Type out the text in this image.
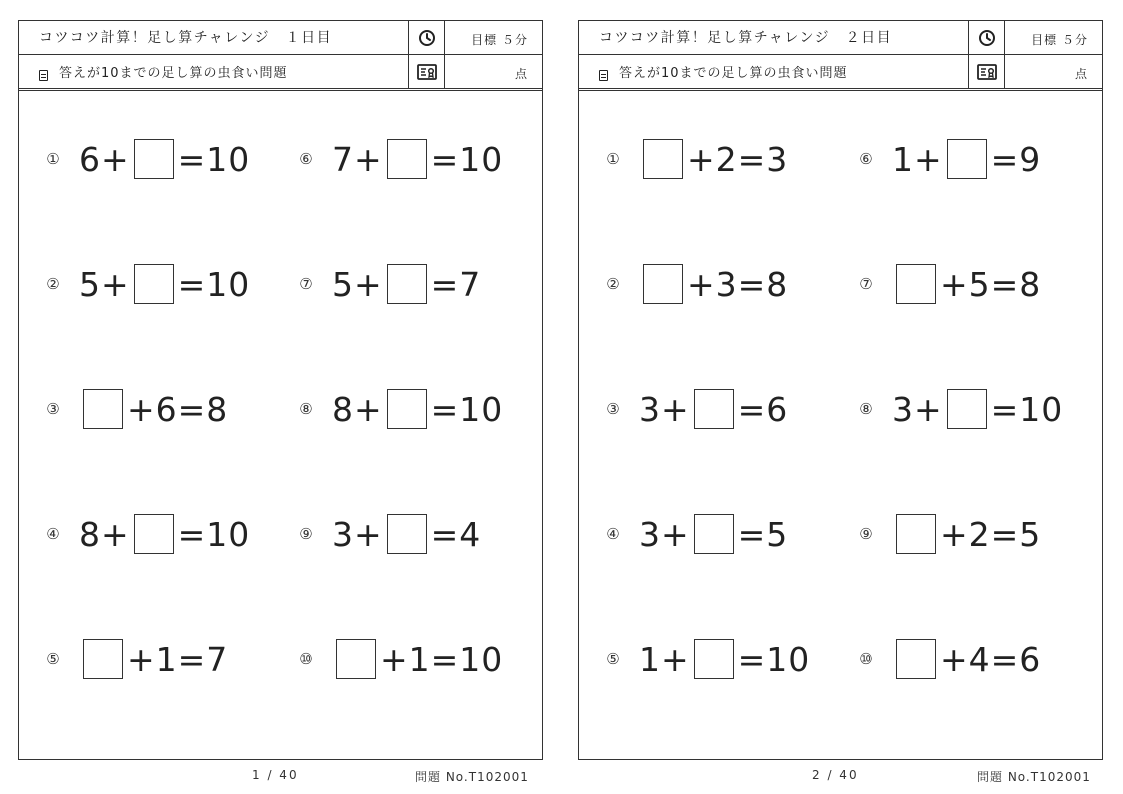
コツコツ計算！足し算チャレンジ　１日目	目標 ５分
答えが10までの足し算の虫食い問題	点
① 6+ =10
② 5+ =10
③ +6=8
④ 8+ =10
⑤ +1=7
⑥ 7+ =10
⑦ 5+ =7
⑧ 8+ =10
⑨ 3+ =4
⑩ +1=10
コツコツ計算！足し算チャレンジ　２日目	目標 ５分
答えが10までの足し算の虫食い問題	点
① +2=3
② +3=8
③ 3+ =6
④ 3+ =5
⑤ 1+ =10
⑥ 1+ =9
⑦ +5=8
⑧ 3+ =10
⑨ +2=5
⑩ +4=6
1 / 40	問題 No.T102001	2 / 40	問題 No.T102001
